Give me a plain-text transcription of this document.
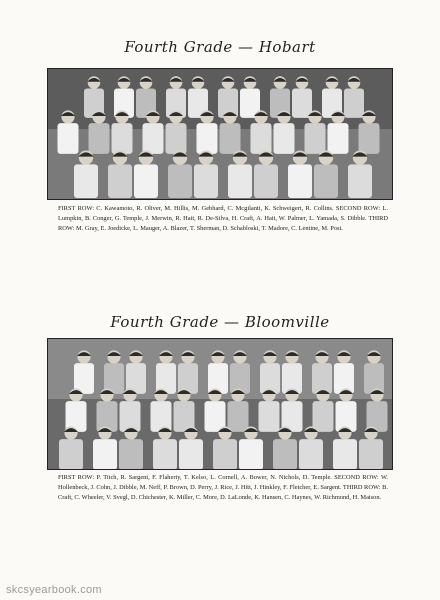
Fourth Grade — Hobart
FIRST ROW: C. Kawamoto, R. Oliver, M. Hillis, M. Gebhard, C. Mcgilanti, K. Schweigert, R. Collins. SECOND ROW: L. Lumpkin, B. Conger, G. Temple, J. Merwin, R. Hait, R. De-Silva, H. Craft, A. Hait, W. Palmer, L. Yamada, S. Dibble. THIRD ROW: M. Gray, E. Joedicke, L. Mauger, A. Blazer, T. Sherman, D. Schabloski, T. Madore, C. Lentine, M. Post.
Fourth Grade — Bloomville
FIRST ROW: P. Titch, R. Sargent, F. Flaherty, T. Kelso, L. Cornell, A. Bower, N. Nichols, D. Temple. SECOND ROW: W. Hollenbeck, J. Cohn, J. Dibble, M. Neff, P. Brown, D. Perry, J. Rice, J. Hitt, J. Hinkley, F. Fletcher, E. Sargent. THIRD ROW: B. Craft, C. Wheeler, V. Svegl, D. Chichester, K. Miller, C. More, D. LaLonde, K. Hansen, C. Haynes, W. Richmond, H. Maison.
skcsyearbook.com
